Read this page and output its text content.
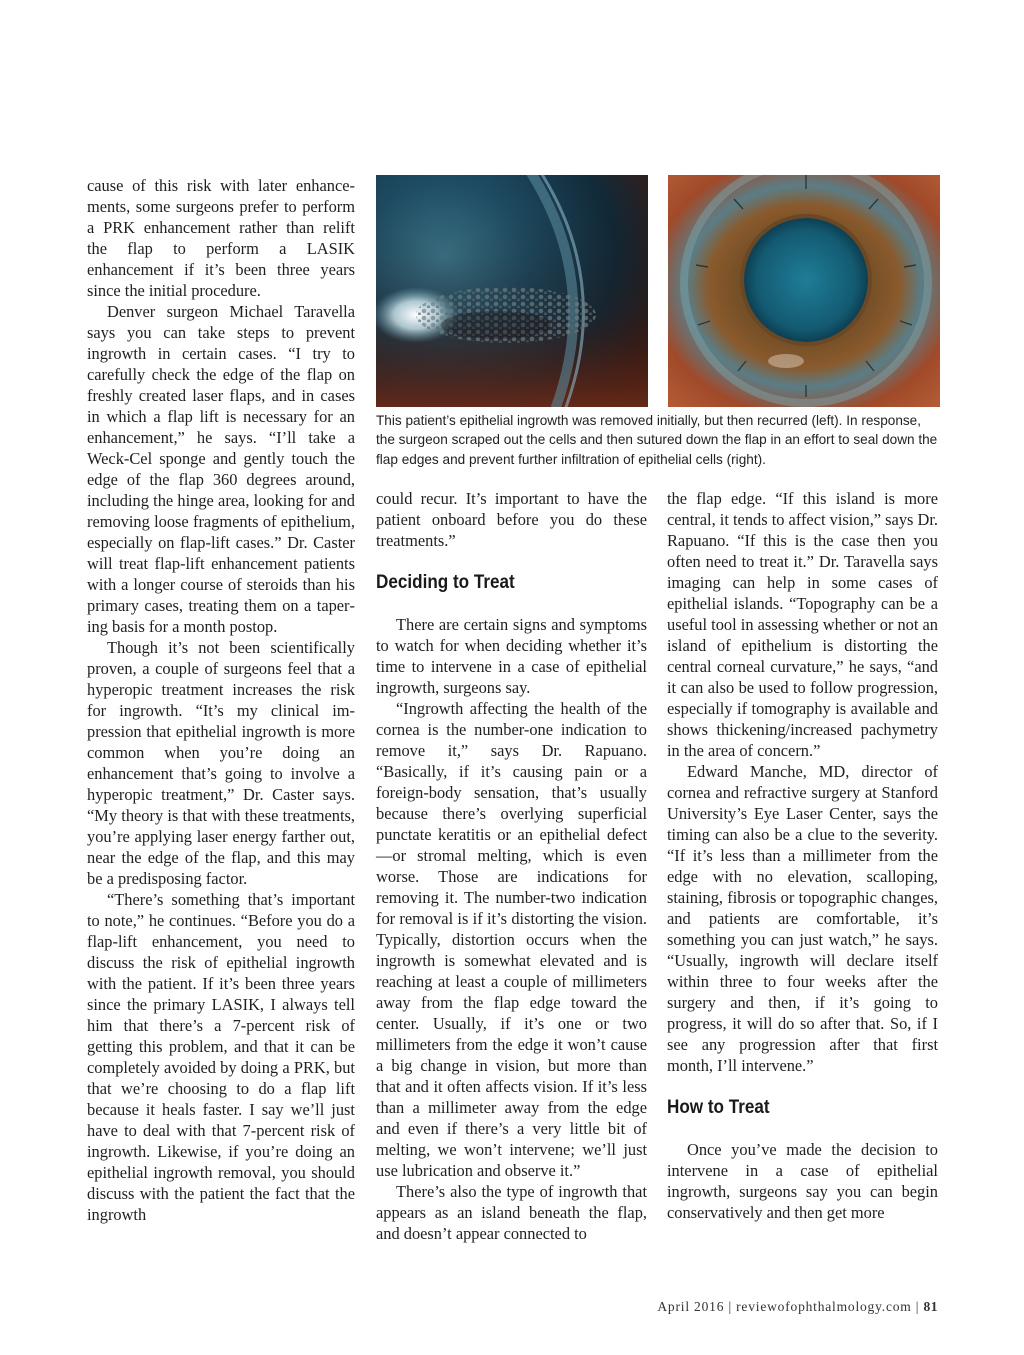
cause of this risk with later enhancements, some surgeons prefer to perform a PRK enhancement rather than relift the flap to perform a LASIK enhancement if it’s been three years since the initial procedure.

Denver surgeon Michael Taravella says you can take steps to prevent ingrowth in certain cases. “I try to carefully check the edge of the flap on freshly created laser flaps, and in cases in which a flap lift is necessary for an enhancement,” he says. “I’ll take a Weck-Cel sponge and gently touch the edge of the flap 360 degrees around, including the hinge area, looking for and removing loose fragments of epithelium, especially on flap-lift cases.” Dr. Caster will treat flap-lift enhancement patients with a longer course of steroids than his primary cases, treating them on a tapering basis for a month postop.

Though it’s not been scientifically proven, a couple of surgeons feel that a hyperopic treatment increases the risk for ingrowth. “It’s my clinical impression that epithelial ingrowth is more common when you’re doing an enhancement that’s going to involve a hyperopic treatment,” Dr. Caster says. “My theory is that with these treatments, you’re applying laser energy farther out, near the edge of the flap, and this may be a predisposing factor.

“There’s something that’s important to note,” he continues. “Before you do a flap-lift enhancement, you need to discuss the risk of epithelial ingrowth with the patient. If it’s been three years since the primary LASIK, I always tell him that there’s a 7-percent risk of getting this problem, and that it can be completely avoided by doing a PRK, but that we’re choosing to do a flap lift because it heals faster. I say we’ll just have to deal with that 7-percent risk of ingrowth. Likewise, if you’re doing an epithelial ingrowth removal, you should discuss with the patient the fact that the ingrowth

This patient’s epithelial ingrowth was removed initially, but then recurred (left). In response, the surgeon scraped out the cells and then sutured down the flap in an effort to seal down the flap edges and prevent further infiltration of epithelial cells (right).

could recur. It’s important to have the patient onboard before you do these treatments.”

Deciding to Treat

There are certain signs and symptoms to watch for when deciding whether it’s time to intervene in a case of epithelial ingrowth, surgeons say.

“Ingrowth affecting the health of the cornea is the number-one indication to remove it,” says Dr. Rapuano. “Basically, if it’s causing pain or a foreign-body sensation, that’s usually because there’s overlying superficial punctate keratitis or an epithelial defect—or stromal melting, which is even worse. Those are indications for removing it. The number-two indication for removal is if it’s distorting the vision. Typically, distortion occurs when the ingrowth is somewhat elevated and is reaching at least a couple of millimeters away from the flap edge toward the center. Usually, if it’s one or two millimeters from the edge it won’t cause a big change in vision, but more than that and it often affects vision. If it’s less than a millimeter away from the edge and even if there’s a very little bit of melting, we won’t intervene; we’ll just use lubrication and observe it.”

There’s also the type of ingrowth that appears as an island beneath the flap, and doesn’t appear connected to

the flap edge. “If this island is more central, it tends to affect vision,” says Dr. Rapuano. “If this is the case then you often need to treat it.” Dr. Taravella says imaging can help in some cases of epithelial islands. “Topography can be a useful tool in assessing whether or not an island of epithelium is distorting the central corneal curvature,” he says, “and it can also be used to follow progression, especially if tomography is available and shows thickening/increased pachymetry in the area of concern.”

Edward Manche, MD, director of cornea and refractive surgery at Stanford University’s Eye Laser Center, says the timing can also be a clue to the severity. “If it’s less than a millimeter from the edge with no elevation, scalloping, staining, fibrosis or topographic changes, and patients are comfortable, it’s something you can just watch,” he says. “Usually, ingrowth will declare itself within three to four weeks after the surgery and then, if it’s going to progress, it will do so after that. So, if I see any progression after that first month, I’ll intervene.”

How to Treat

Once you’ve made the decision to intervene in a case of epithelial ingrowth, surgeons say you can begin conservatively and then get more

April 2016 | reviewofophthalmology.com | 81
